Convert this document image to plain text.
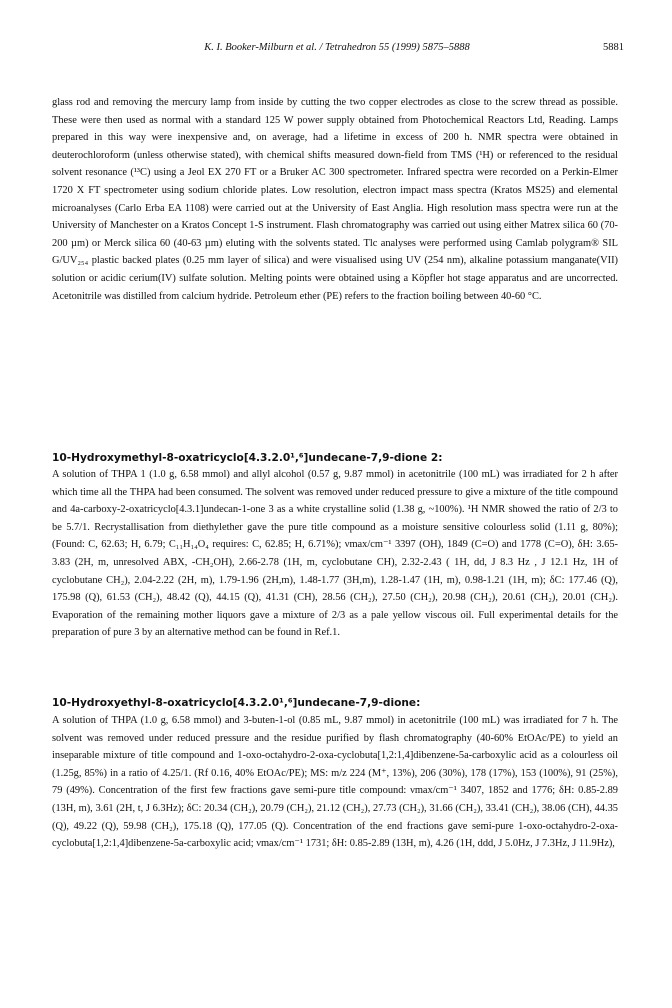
K. I. Booker-Milburn et al. / Tetrahedron 55 (1999) 5875–5888	5881

glass rod and removing the mercury lamp from inside by cutting the two copper electrodes as close to the screw thread as possible. These were then used as normal with a standard 125 W power supply obtained from Photochemical Reactors Ltd, Reading. Lamps prepared in this way were inexpensive and, on average, had a lifetime in excess of 200 h. NMR spectra were obtained in deuterochloroform (unless otherwise stated), with chemical shifts measured down-field from TMS (¹H) or referenced to the residual solvent resonance (¹³C) using a Jeol EX 270 FT or a Bruker AC 300 spectrometer. Infrared spectra were recorded on a Perkin-Elmer 1720 X FT spectrometer using sodium chloride plates. Low resolution, electron impact mass spectra (Kratos MS25) and elemental microanalyses (Carlo Erba EA 1108) were carried out at the University of East Anglia. High resolution mass spectra were run at the University of Manchester on a Kratos Concept 1-S instrument. Flash chromatography was carried out using either Matrex silica 60 (70-200 µm) or Merck silica 60 (40-63 µm) eluting with the solvents stated. Tlc analyses were performed using Camlab polygram® SIL G/UV₂₅₄ plastic backed plates (0.25 mm layer of silica) and were visualised using UV (254 nm), alkaline potassium manganate(VII) solution or acidic cerium(IV) sulfate solution. Melting points were obtained using a Köpfler hot stage apparatus and are uncorrected. Acetonitrile was distilled from calcium hydride. Petroleum ether (PE) refers to the fraction boiling between 40-60 °C.

10-Hydroxymethyl-8-oxatricyclo[4.3.2.0¹,⁶]undecane-7,9-dione 2:

A solution of THPA 1 (1.0 g, 6.58 mmol) and allyl alcohol (0.57 g, 9.87 mmol) in acetonitrile (100 mL) was irradiated for 2 h after which time all the THPA had been consumed. The solvent was removed under reduced pressure to give a mixture of the title compound and 4a-carboxy-2-oxatricyclo[4.3.1]undecan-1-one 3 as a white crystalline solid (1.38 g, ~100%). ¹H NMR showed the ratio of 2/3 to be 5.7/1. Recrystallisation from diethylether gave the pure title compound as a moisture sensitive colourless solid (1.11 g, 80%); (Found: C, 62.63; H, 6.79; C₁₁H₁₄O₄ requires: C, 62.85; H, 6.71%); νmax/cm⁻¹ 3397 (OH), 1849 (C=O) and 1778 (C=O), δH: 3.65-3.83 (2H, m, unresolved ABX, -CH₂OH), 2.66-2.78 (1H, m, cyclobutane CH), 2.32-2.43 ( 1H, dd, J 8.3 Hz , J 12.1 Hz, 1H of cyclobutane CH₂), 2.04-2.22 (2H, m), 1.79-1.96 (2H,m), 1.48-1.77 (3H,m), 1.28-1.47 (1H, m), 0.98-1.21 (1H, m); δC: 177.46 (Q), 175.98 (Q), 61.53 (CH₂), 48.42 (Q), 44.15 (Q), 41.31 (CH), 28.56 (CH₂), 27.50 (CH₂), 20.98 (CH₂), 20.61 (CH₂), 20.01 (CH₂). Evaporation of the remaining mother liquors gave a mixture of 2/3 as a pale yellow viscous oil. Full experimental details for the preparation of pure 3 by an alternative method can be found in Ref.1.

10-Hydroxyethyl-8-oxatricyclo[4.3.2.0¹,⁶]undecane-7,9-dione:

A solution of THPA (1.0 g, 6.58 mmol) and 3-buten-1-ol (0.85 mL, 9.87 mmol) in acetonitrile (100 mL) was irradiated for 7 h. The solvent was removed under reduced pressure and the residue purified by flash chromatography (40-60% EtOAc/PE) to yield an inseparable mixture of title compound and 1-oxo-octahydro-2-oxa-cyclobuta[1,2:1,4]dibenzene-5a-carboxylic acid as a colourless oil (1.25g, 85%) in a ratio of 4.25/1. (Rf 0.16, 40% EtOAc/PE); MS: m/z 224 (M⁺, 13%), 206 (30%), 178 (17%), 153 (100%), 91 (25%), 79 (49%). Concentration of the first few fractions gave semi-pure title compound: νmax/cm⁻¹ 3407, 1852 and 1776; δH: 0.85-2.89 (13H, m), 3.61 (2H, t, J 6.3Hz); δC: 20.34 (CH₂), 20.79 (CH₂), 21.12 (CH₂), 27.73 (CH₂), 31.66 (CH₂), 33.41 (CH₂), 38.06 (CH), 44.35 (Q), 49.22 (Q), 59.98 (CH₂), 175.18 (Q), 177.05 (Q). Concentration of the end fractions gave semi-pure 1-oxo-octahydro-2-oxa-cyclobuta[1,2:1,4]dibenzene-5a-carboxylic acid; νmax/cm⁻¹ 1731; δH: 0.85-2.89 (13H, m), 4.26 (1H, ddd, J 5.0Hz, J 7.3Hz, J 11.9Hz),
